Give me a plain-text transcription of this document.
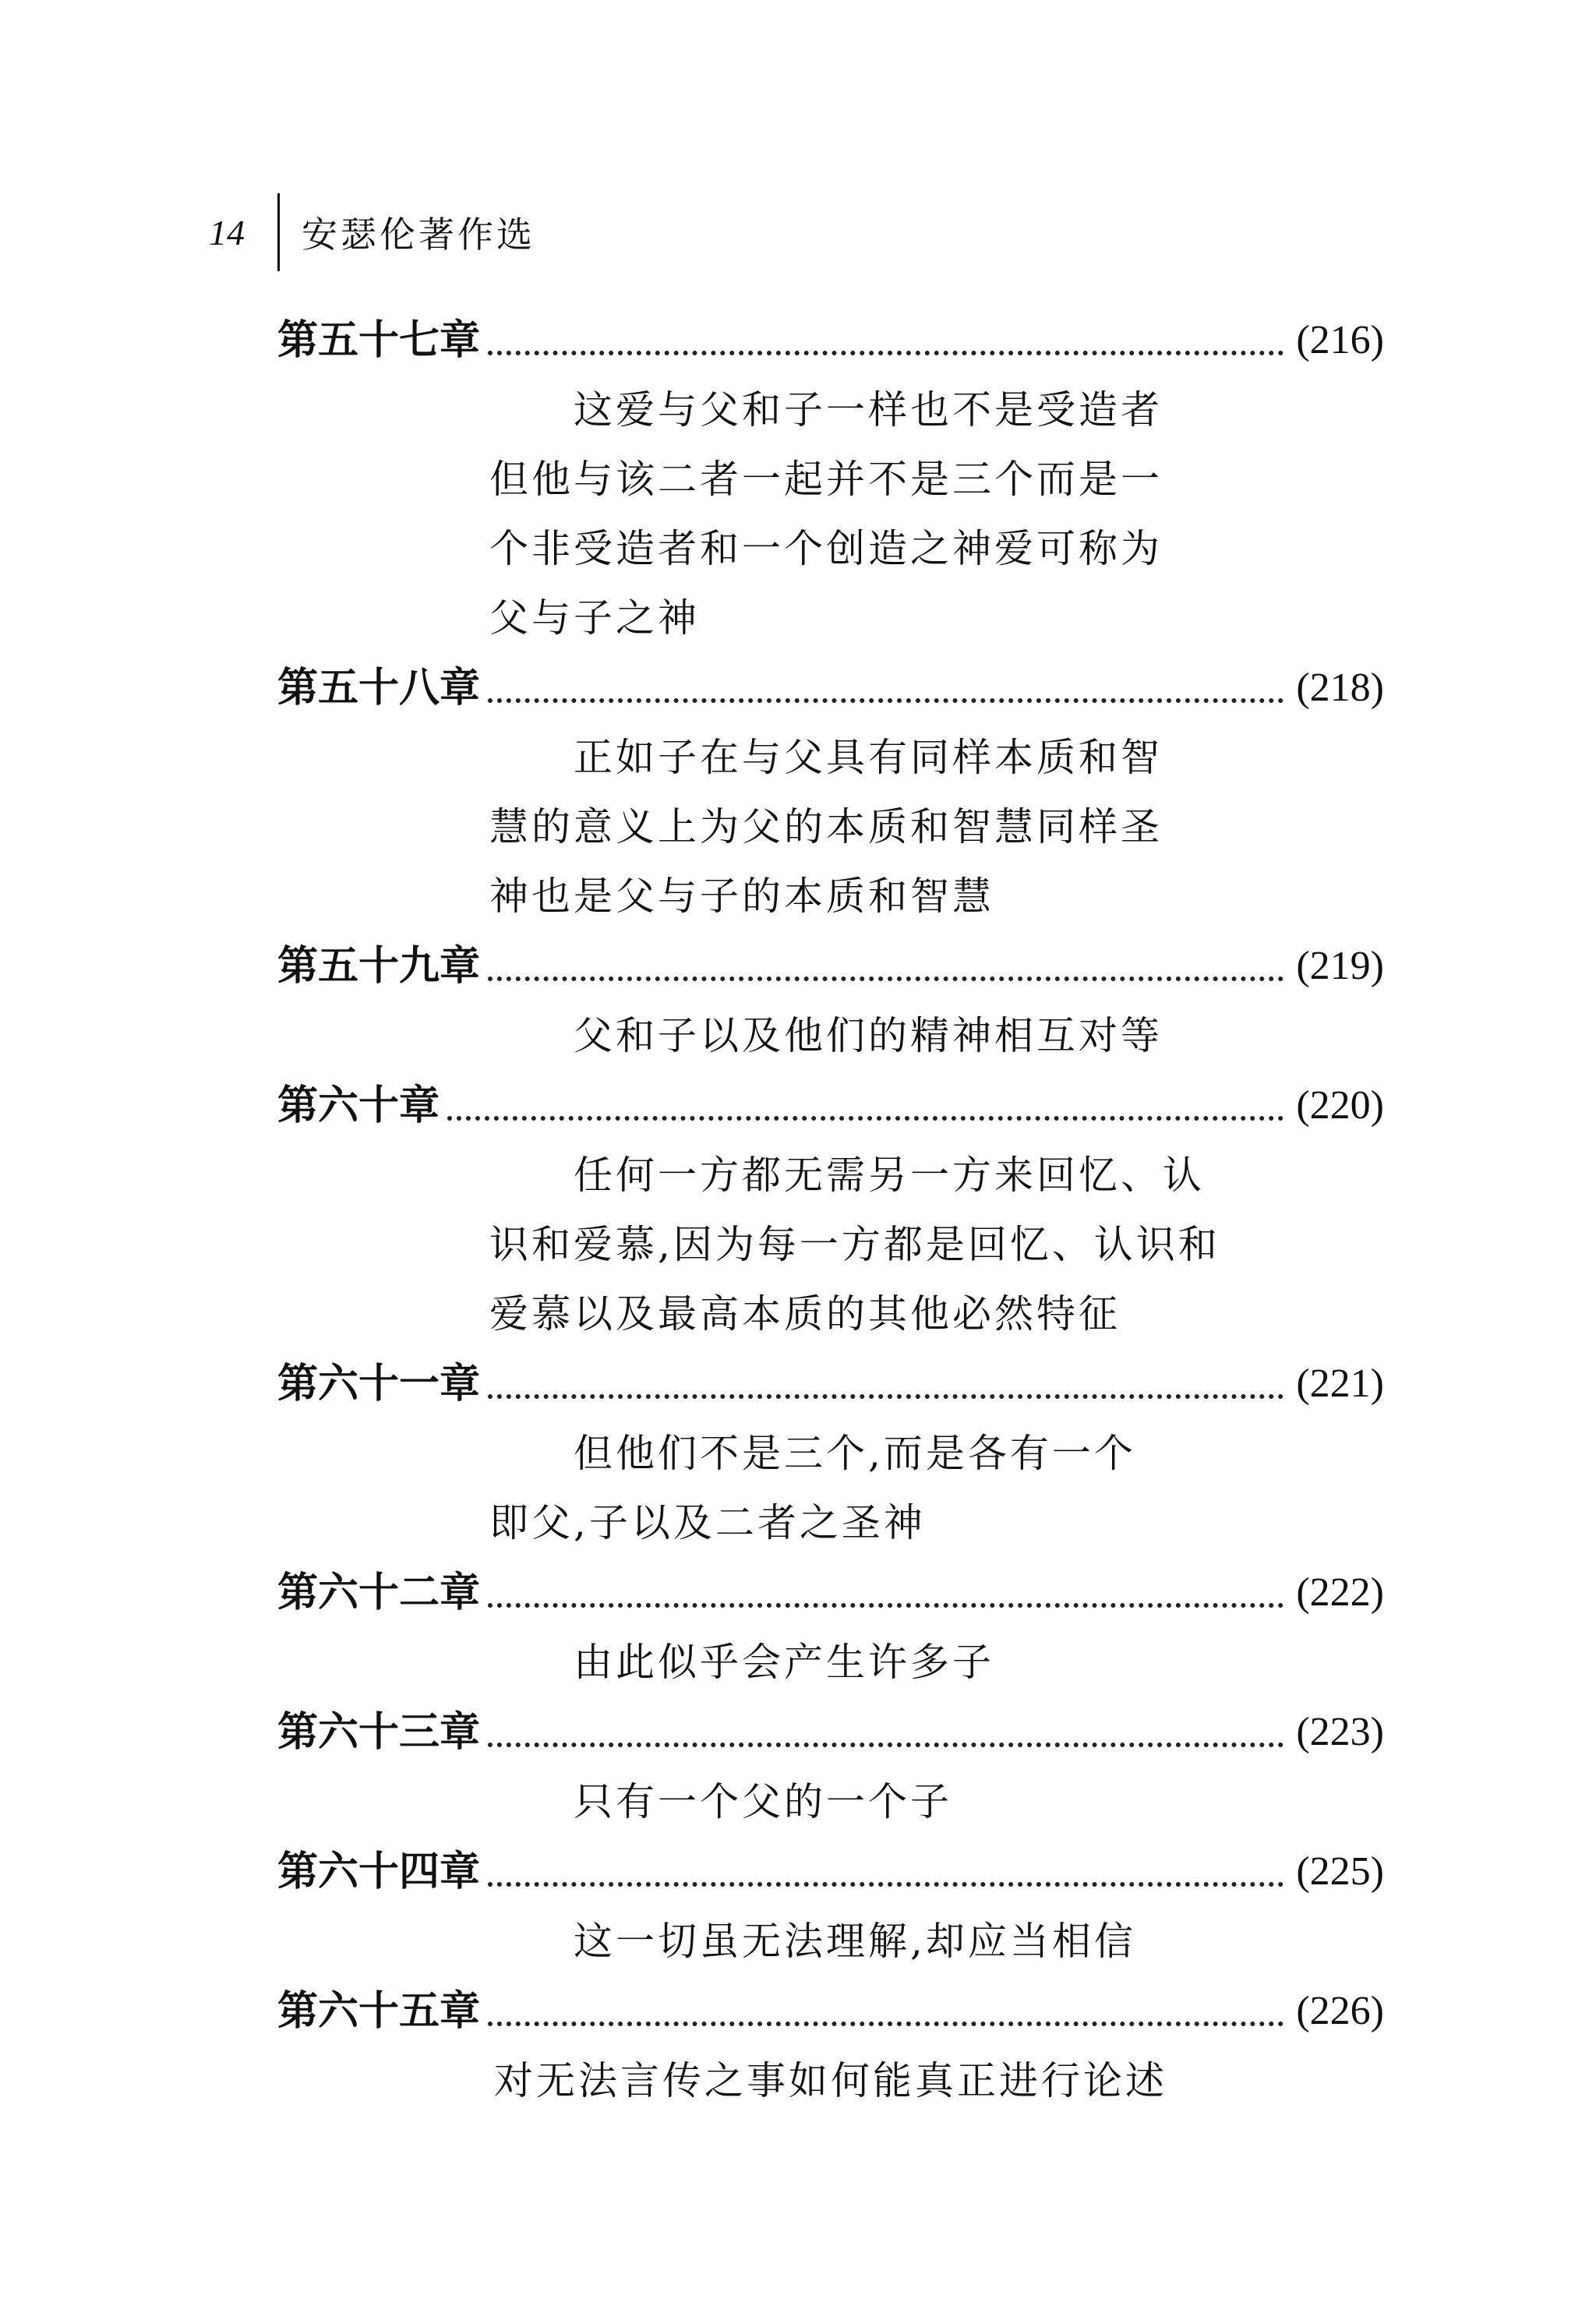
14	安瑟伦著作选
第五十七章	(216)
这爱与父和子一样也不是受造者
但他与该二者一起并不是三个而是一
个非受造者和一个创造之神爱可称为
父与子之神
第五十八章	(218)
正如子在与父具有同样本质和智
慧的意义上为父的本质和智慧同样圣
神也是父与子的本质和智慧
第五十九章	(219)
父和子以及他们的精神相互对等
第六十章	(220)
任何一方都无需另一方来回忆、认
识和爱慕,因为每一方都是回忆、认识和
爱慕以及最高本质的其他必然特征
第六十一章	(221)
但他们不是三个,而是各有一个
即父,子以及二者之圣神
第六十二章	(222)
由此似乎会产生许多子
第六十三章	(223)
只有一个父的一个子
第六十四章	(225)
这一切虽无法理解,却应当相信
第六十五章	(226)
对无法言传之事如何能真正进行论述
